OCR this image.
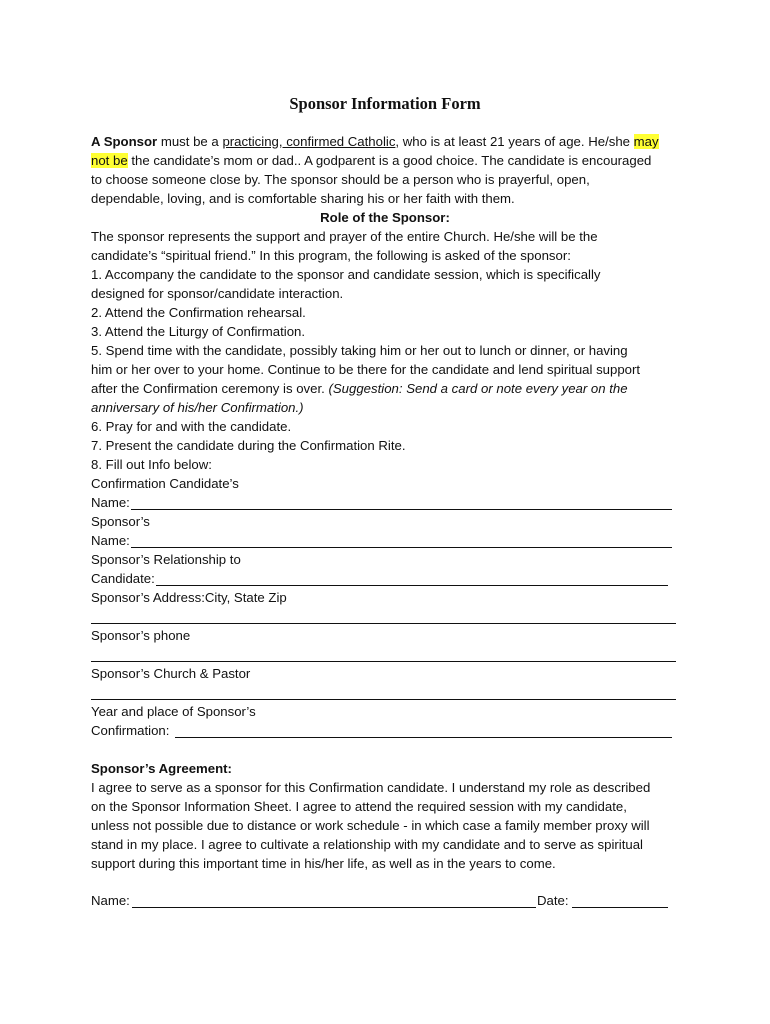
Sponsor Information Form
A Sponsor must be a practicing, confirmed Catholic, who is at least 21 years of age. He/she may
not be the candidate’s mom or dad.. A godparent is a good choice. The candidate is encouraged
to choose someone close by. The sponsor should be a person who is prayerful, open,
dependable, loving, and is comfortable sharing his or her faith with them.
Role of the Sponsor:
The sponsor represents the support and prayer of the entire Church. He/she will be the
candidate’s “spiritual friend.” In this program, the following is asked of the sponsor:
1. Accompany the candidate to the sponsor and candidate session, which is specifically
designed for sponsor/candidate interaction.
2. Attend the Confirmation rehearsal.
3. Attend the Liturgy of Confirmation.
5. Spend time with the candidate, possibly taking him or her out to lunch or dinner, or having
him or her over to your home. Continue to be there for the candidate and lend spiritual support
after the Confirmation ceremony is over. (Suggestion: Send a card or note every year on the
anniversary of his/her Confirmation.)
6. Pray for and with the candidate.
7. Present the candidate during the Confirmation Rite.
8. Fill out Info below:
Confirmation Candidate’s
Name:
Sponsor’s
Name:
Sponsor’s Relationship to
Candidate:
Sponsor’s Address:City, State Zip
Sponsor’s phone
Sponsor’s Church & Pastor
Year and place of Sponsor’s
Confirmation:
Sponsor’s Agreement:
I agree to serve as a sponsor for this Confirmation candidate. I understand my role as described
on the Sponsor Information Sheet. I agree to attend the required session with my candidate,
unless not possible due to distance or work schedule - in which case a family member proxy will
stand in my place. I agree to cultivate a relationship with my candidate and to serve as spiritual
support during this important time in his/her life, as well as in the years to come.
Name:	Date:
